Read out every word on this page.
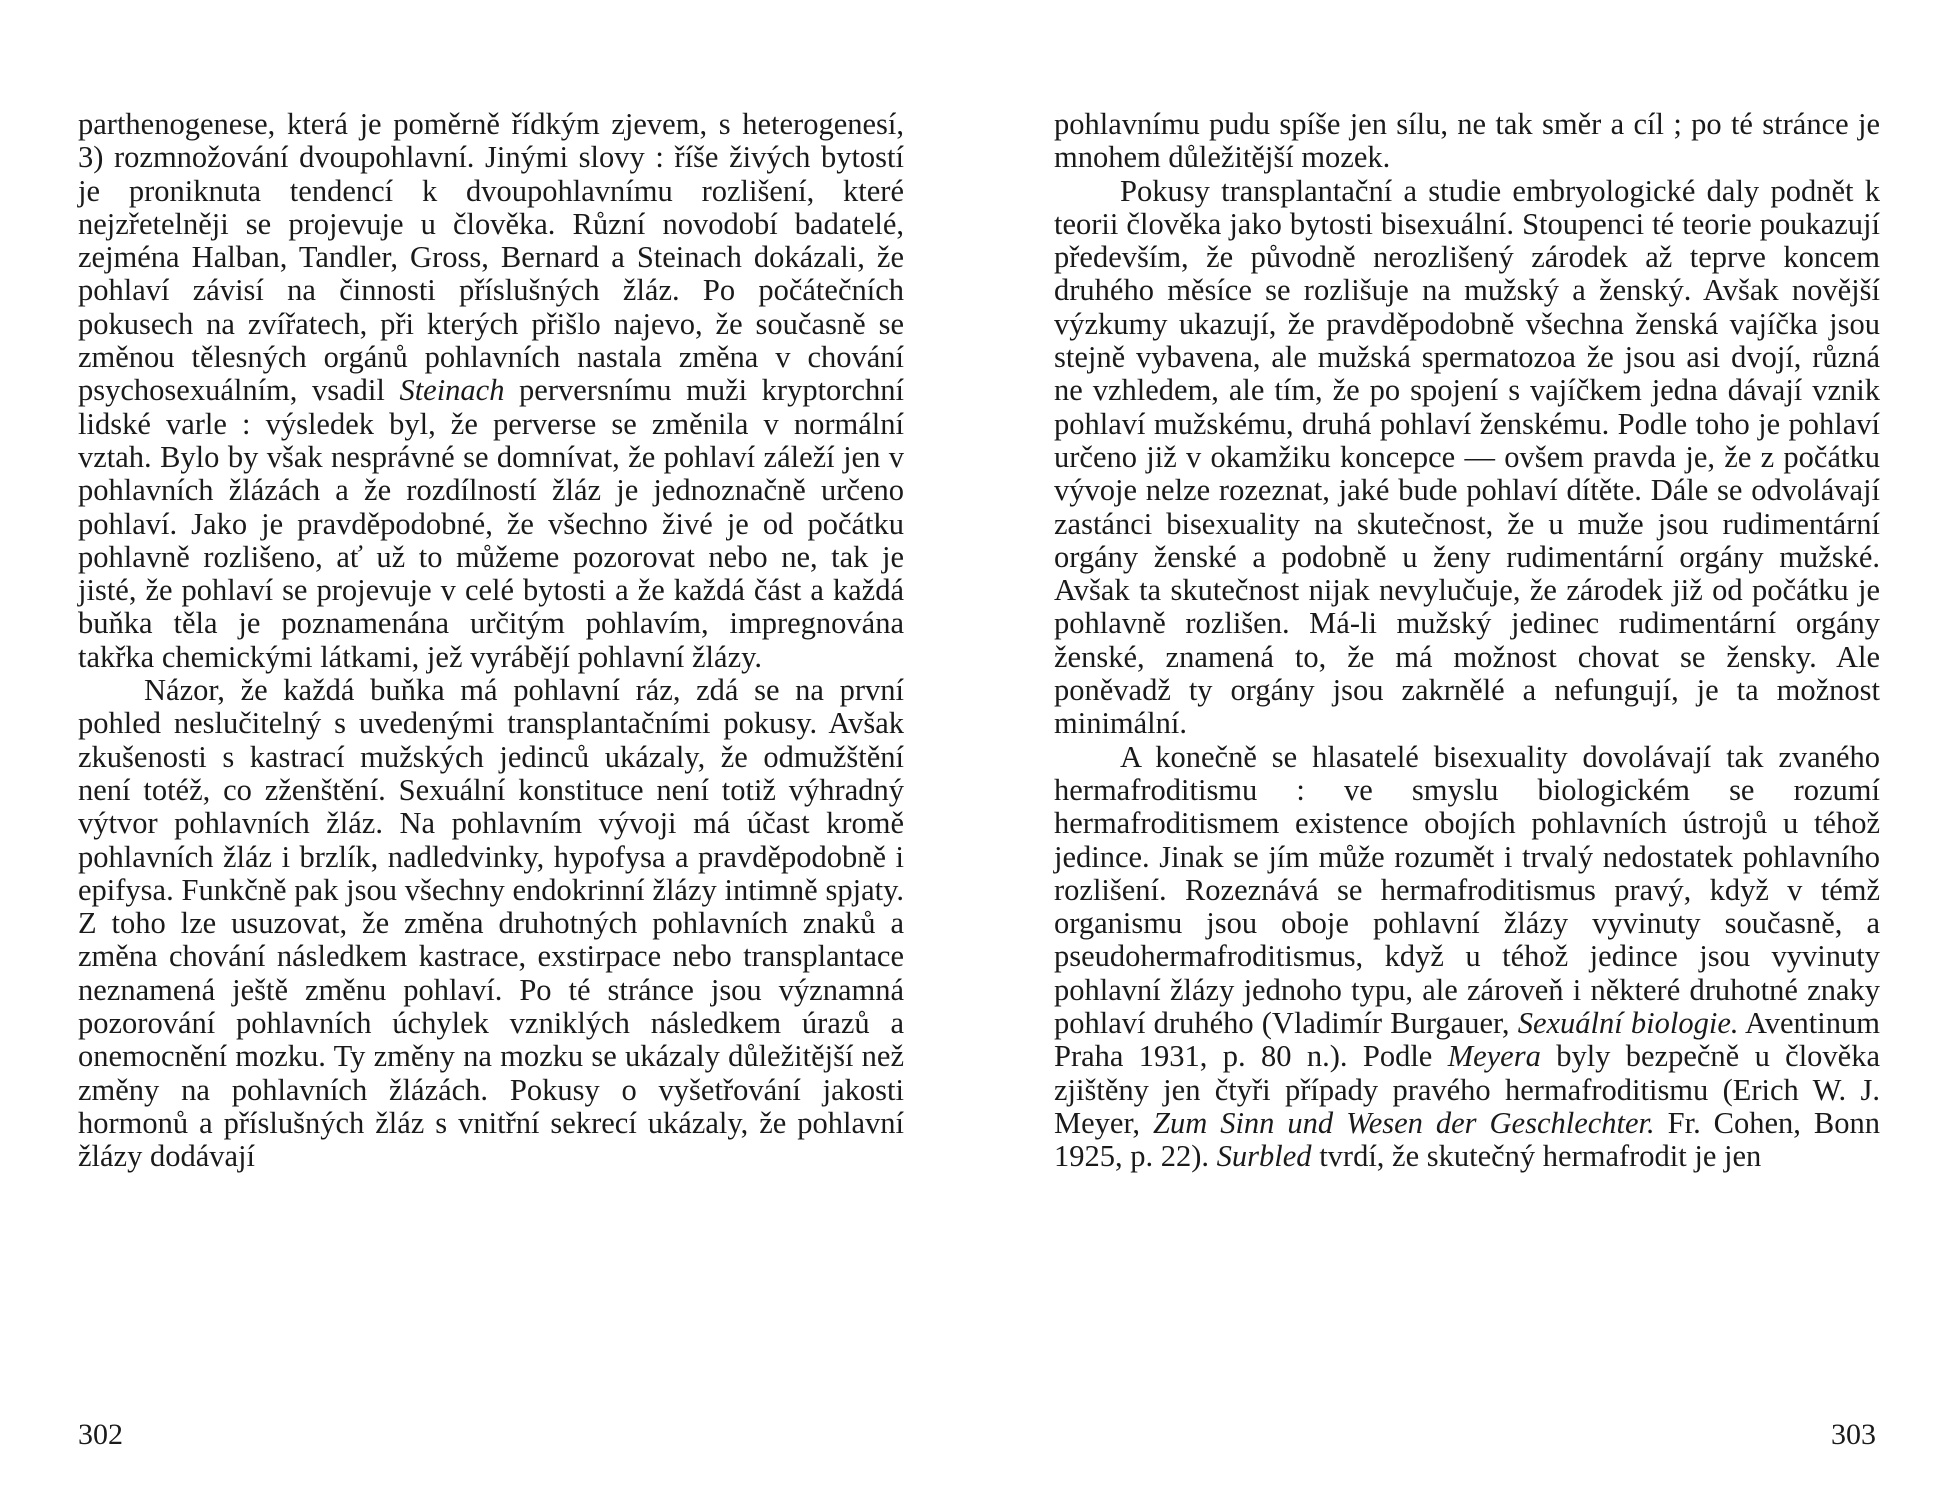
parthenogenese, která je poměrně řídkým zjevem, s heterogenesí, 3) rozmnožování dvoupohlavní. Jinými slovy : říše živých bytostí je proniknuta tendencí k dvoupohlavnímu rozlišení, které nejzřetelněji se projevuje u člověka. Různí novodobí badatelé, zejména Halban, Tandler, Gross, Bernard a Steinach dokázali, že pohlaví závisí na činnosti příslušných žláz. Po počátečních pokusech na zvířatech, při kterých přišlo najevo, že současně se změnou tělesných orgánů pohlavních nastala změna v chování psychosexuálním, vsadil Steinach perversnímu muži kryptorchní lidské varle : výsledek byl, že perverse se změnila v normální vztah. Bylo by však nesprávné se domnívat, že pohlaví záleží jen v pohlavních žlázách a že rozdílností žláz je jednoznačně určeno pohlaví. Jako je pravděpodobné, že všechno živé je od počátku pohlavně rozlišeno, ať už to můžeme pozorovat nebo ne, tak je jisté, že pohlaví se projevuje v celé bytosti a že každá část a každá buňka těla je poznamenána určitým pohlavím, impregnována takřka chemickými látkami, jež vyrábějí pohlavní žlázy.

Názor, že každá buňka má pohlavní ráz, zdá se na první pohled neslučitelný s uvedenými transplantačními pokusy. Avšak zkušenosti s kastrací mužských jedinců ukázaly, že odmužštění není totéž, co zženštění. Sexuální konstituce není totiž výhradný výtvor pohlavních žláz. Na pohlavním vývoji má účast kromě pohlavních žláz i brzlík, nadledvinky, hypofysa a pravděpodobně i epifysa. Funkčně pak jsou všechny endokrinní žlázy intimně spjaty. Z toho lze usuzovat, že změna druhotných pohlavních znaků a změna chování následkem kastrace, exstirpace nebo transplantace neznamená ještě změnu pohlaví. Po té stránce jsou významná pozorování pohlavních úchylek vzniklých následkem úrazů a onemocnění mozku. Ty změny na mozku se ukázaly důležitější než změny na pohlavních žlázách. Pokusy o vyšetřování jakosti hormonů a příslušných žláz s vnitřní sekrecí ukázaly, že pohlavní žlázy dodávají

302

pohlavnímu pudu spíše jen sílu, ne tak směr a cíl ; po té stránce je mnohem důležitější mozek.

Pokusy transplantační a studie embryologické daly podnět k teorii člověka jako bytosti bisexuální. Stoupenci té teorie poukazují především, že původně nerozlišený zárodek až teprve koncem druhého měsíce se rozlišuje na mužský a ženský. Avšak novější výzkumy ukazují, že pravděpodobně všechna ženská vajíčka jsou stejně vybavena, ale mužská spermatozoa že jsou asi dvojí, různá ne vzhledem, ale tím, že po spojení s vajíčkem jedna dávají vznik pohlaví mužskému, druhá pohlaví ženskému. Podle toho je pohlaví určeno již v okamžiku koncepce — ovšem pravda je, že z počátku vývoje nelze rozeznat, jaké bude pohlaví dítěte. Dále se odvolávají zastánci bisexuality na skutečnost, že u muže jsou rudimentární orgány ženské a podobně u ženy rudimentární orgány mužské. Avšak ta skutečnost nijak nevylučuje, že zárodek již od počátku je pohlavně rozlišen. Má-li mužský jedinec rudimentární orgány ženské, znamená to, že má možnost chovat se žensky. Ale poněvadž ty orgány jsou zakrnělé a nefungují, je ta možnost minimální.

A konečně se hlasatelé bisexuality dovolávají tak zvaného hermafroditismu : ve smyslu biologickém se rozumí hermafroditismem existence obojích pohlavních ústrojů u téhož jedince. Jinak se jím může rozumět i trvalý nedostatek pohlavního rozlišení. Rozeznává se hermafroditismus pravý, když v témž organismu jsou oboje pohlavní žlázy vyvinuty současně, a pseudohermafroditismus, když u téhož jedince jsou vyvinuty pohlavní žlázy jednoho typu, ale zároveň i některé druhotné znaky pohlaví druhého (Vladimír Burgauer, Sexuální biologie. Aventinum Praha 1931, p. 80 n.). Podle Meyera byly bezpečně u člověka zjištěny jen čtyři případy pravého hermafroditismu (Erich W. J. Meyer, Zum Sinn und Wesen der Geschlechter. Fr. Cohen, Bonn 1925, p. 22). Surbled tvrdí, že skutečný hermafrodit je jen

303
